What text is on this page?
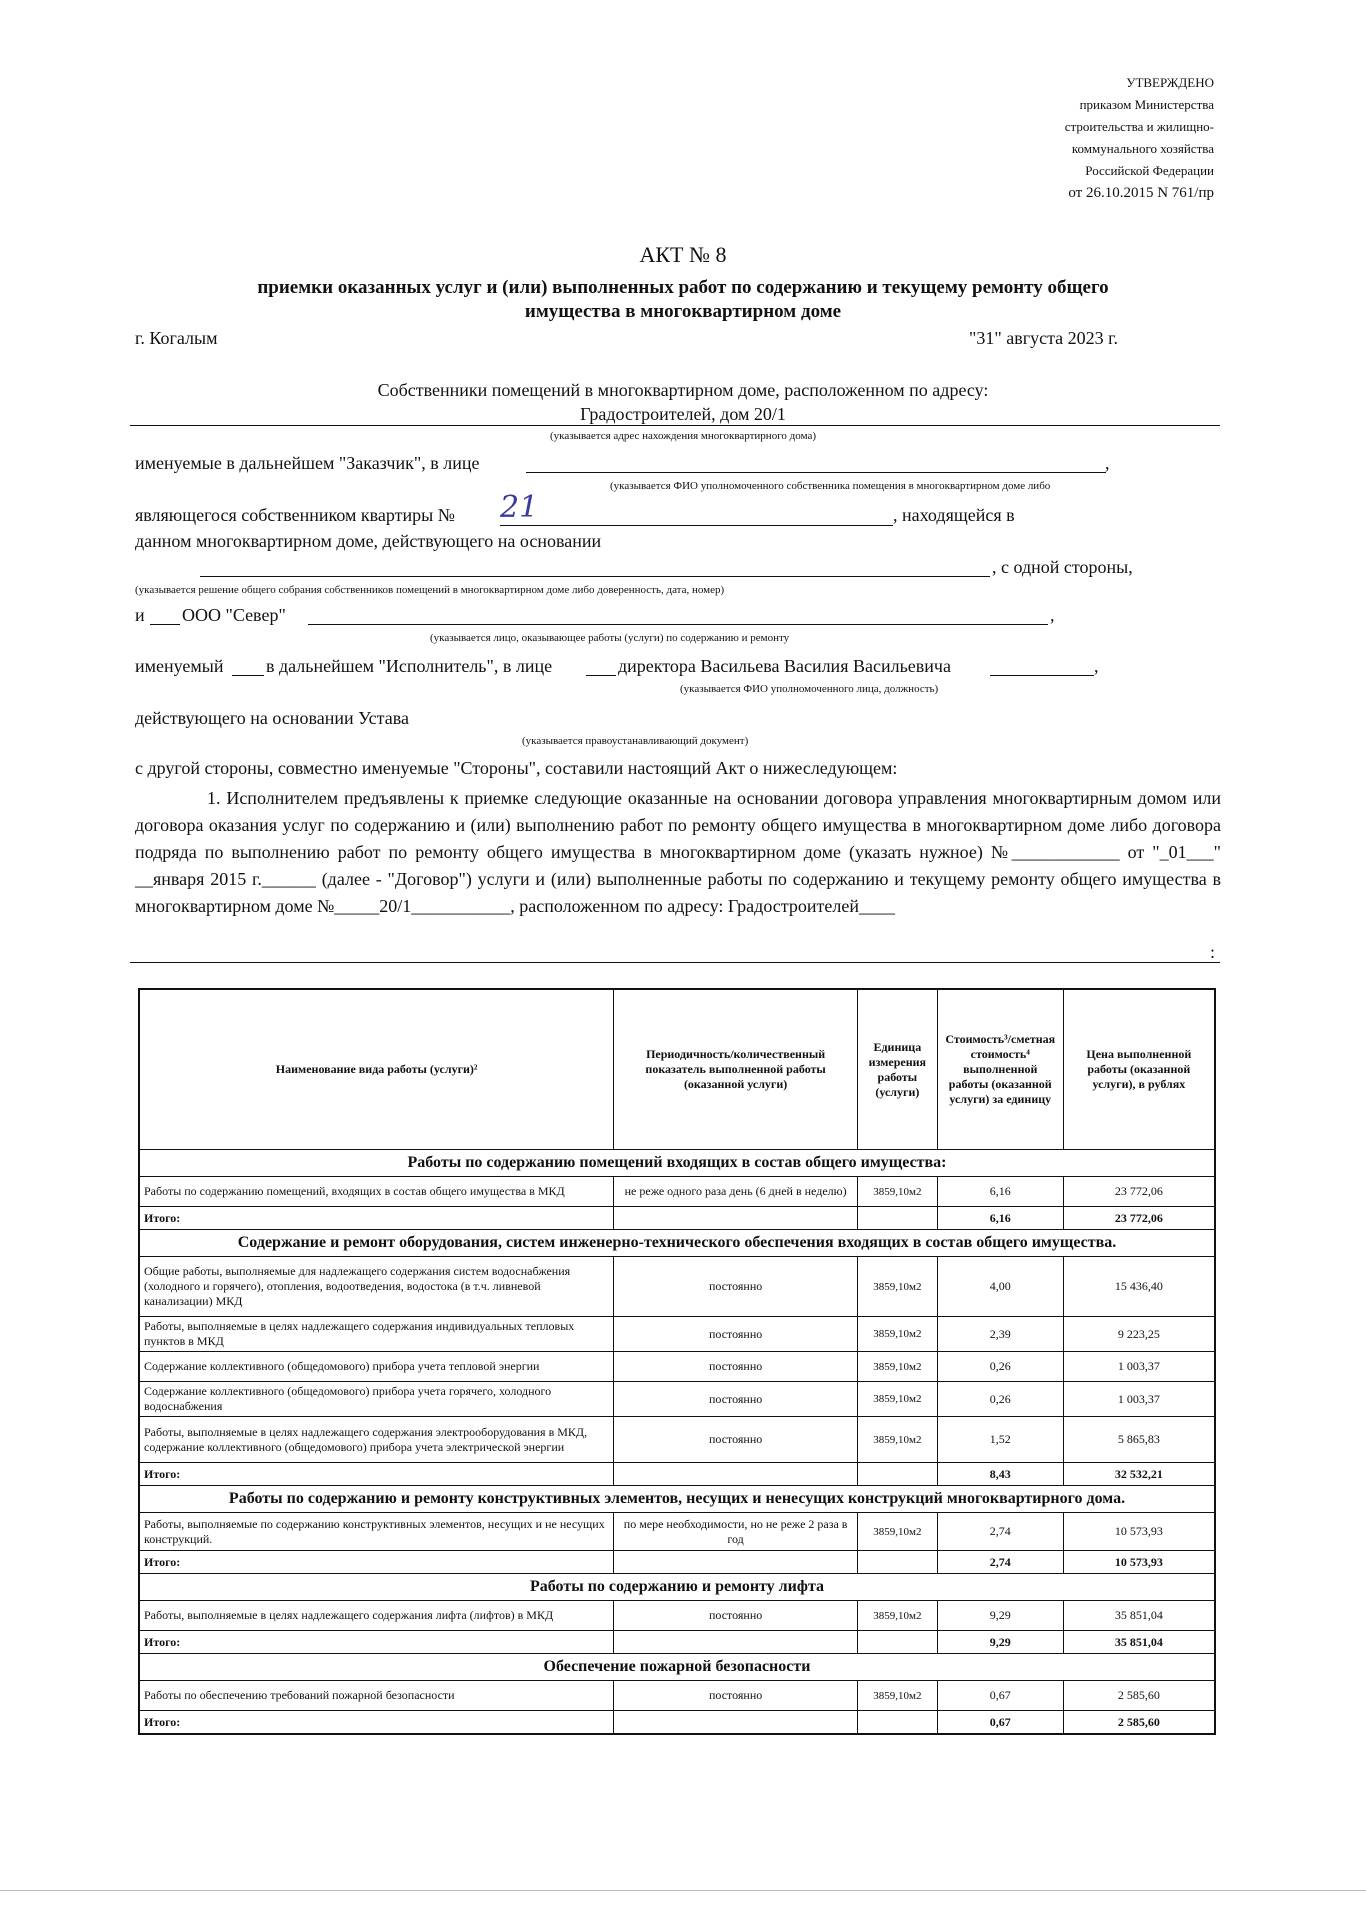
УТВЕРЖДЕНО
приказом Министерства
строительства и жилищно-
коммунального хозяйства
Российской Федерации
от 26.10.2015 N 761/пр
АКТ № 8
приемки оказанных услуг и (или) выполненных работ по содержанию и текущему ремонту общего
имущества в многоквартирном доме
г. Когалым	"31" августа 2023 г.
Собственники помещений в многоквартирном доме, расположенном по адресу:
Градостроителей, дом 20/1
(указывается адрес нахождения многоквартирного дома)
именуемые в дальнейшем "Заказчик", в лице	,
(указывается ФИО уполномоченного собственника помещения в многоквартирном доме либо
являющегося собственником квартиры № 21	, находящейся в
данном многоквартирном доме, действующего на основании
, с одной стороны,
(указывается решение общего собрания собственников помещений в многоквартирном доме либо доверенность, дата, номер)
и ООО "Север"	,
(указывается лицо, оказывающее работы (услуги) по содержанию и ремонту
именуемый в дальнейшем "Исполнитель", в лице	директора Васильева Василия Васильевича	,
(указывается ФИО уполномоченного лица, должность)
действующего на основании Устава
(указывается правоустанавливающий документ)
с другой стороны, совместно именуемые "Стороны", составили настоящий Акт о нижеследующем:
1. Исполнителем предъявлены к приемке следующие оказанные на основании договора управления многоквартирным домом или договора оказания услуг по содержанию и (или) выполнению работ по ремонту общего имущества в многоквартирном доме либо договора подряда по выполнению работ по ремонту общего имущества в многоквартирном доме (указать нужное) №____________ от "_01___" __января 2015 г.______ (далее - "Договор") услуги и (или) выполненные работы по содержанию и текущему ремонту общего имущества в многоквартирном доме №_____20/1___________, расположенном по адресу: Градостроителей____
:
Наименование вида работы (услуги)²	Периодичность/количественный показатель выполненной работы (оказанной услуги)	Единица измерения работы (услуги)	Стоимость³/сметная стоимость⁴ выполненной работы (оказанной услуги) за единицу	Цена выполненной работы (оказанной услуги), в рублях
Работы по содержанию помещений входящих в состав общего имущества:				
Работы по содержанию помещений, входящих в состав общего имущества в МКД	не реже одного раза день (6 дней в неделю)	3859,10м2	6,16	23 772,06
Итого:			6,16	23 772,06
Содержание и ремонт оборудования, систем инженерно-технического обеспечения входящих в состав общего имущества.				
Общие работы, выполняемые для надлежащего содержания систем водоснабжения (холодного и горячего), отопления, водоотведения, водостока (в т.ч. ливневой канализации) МКД	постоянно	3859,10м2	4,00	15 436,40
Работы, выполняемые в целях надлежащего содержания индивидуальных тепловых пунктов в МКД	постоянно	3859,10м2	2,39	9 223,25
Содержание коллективного (общедомового) прибора учета тепловой энергии	постоянно	3859,10м2	0,26	1 003,37
Содержание коллективного (общедомового) прибора учета горячего, холодного водоснабжения	постоянно	3859,10м2	0,26	1 003,37
Работы, выполняемые в целях надлежащего содержания электрооборудования в МКД, содержание коллективного (общедомового) прибора учета электрической энергии	постоянно	3859,10м2	1,52	5 865,83
Итого:			8,43	32 532,21
Работы по содержанию и ремонту конструктивных элементов, несущих и ненесущих конструкций многоквартирного дома.				
Работы, выполняемые по содержанию конструктивных элементов, несущих и не несущих конструкций.	по мере необходимости, но не реже 2 раза в год	3859,10м2	2,74	10 573,93
Итого:			2,74	10 573,93
Работы по содержанию и ремонту лифта				
Работы, выполняемые в целях надлежащего содержания лифта (лифтов) в МКД	постоянно	3859,10м2	9,29	35 851,04
Итого:			9,29	35 851,04
Обеспечение пожарной безопасности				
Работы по обеспечению требований пожарной безопасности	постоянно	3859,10м2	0,67	2 585,60
Итого:			0,67	2 585,60
